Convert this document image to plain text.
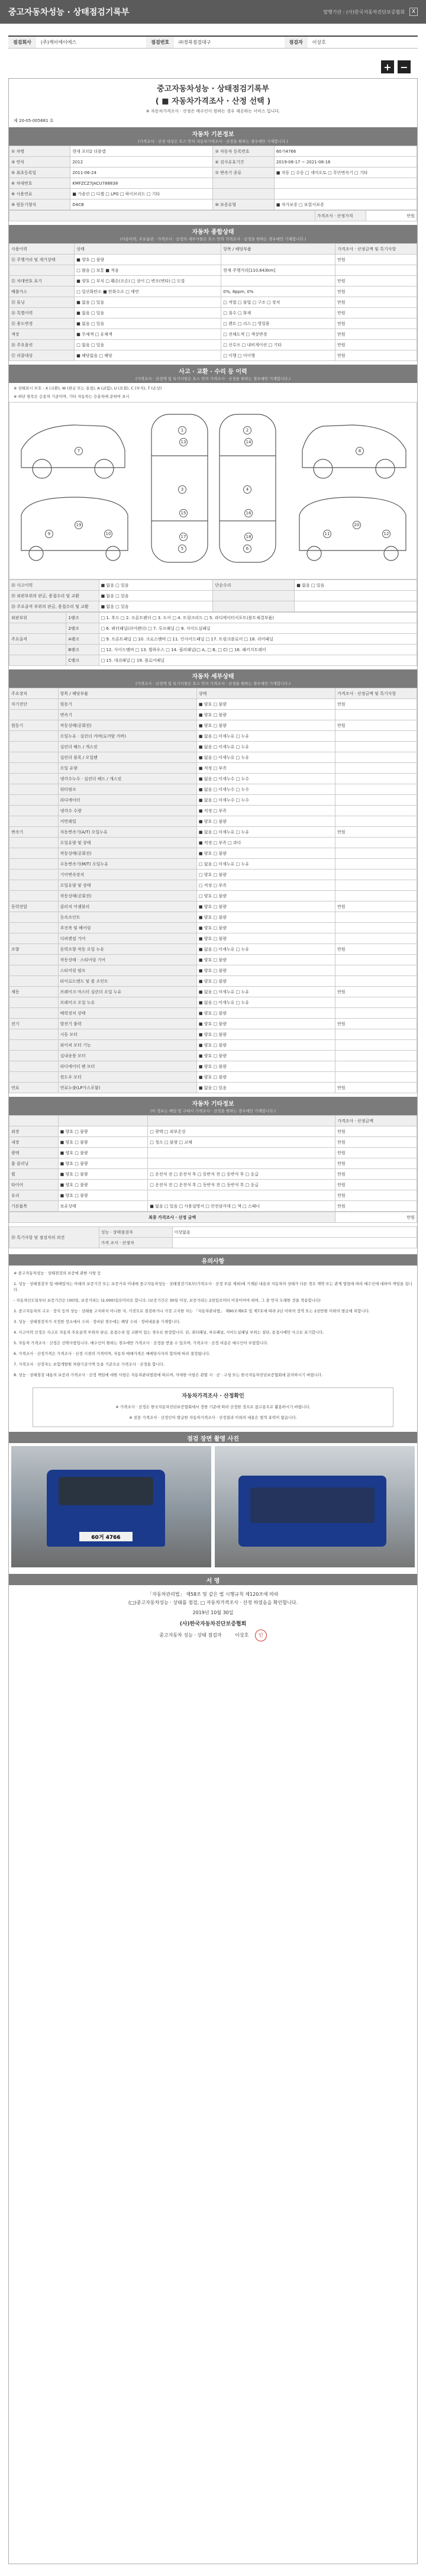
중고자동차성능 · 상태점검기록부	발행기관 : (사)한국자동차진단보증협회	X
점검회사	(주)케이에이에스	점검번호	㈜경북점검대구	점검자	이상호
+ −
중고자동차성능 · 상태점검기록부
( ■ 자동차가격조사 · 산정 선택 )
※ 자동차가격조사 · 산정은 매수인이 원하는 경우 제공하는 서비스 입니다.
제 20-05-005681 호
자동차 기본정보
(가격조사 · 산정 대상은 호스 안의 자동차가격조사 · 산정을 원하는 경우에만 기재합니다.)
① 차명	현대 포터2 더블캡	② 자동차 등록번호	60거4766
③ 연식	2012	④ 검사유효기간	2019-08-17 ~ 2021-08-16
⑤ 최초등록일	2011-06-24	⑦ 변속기 종류	■ 자동 □ 수동 □ 세미오토 □ 무단변속기 □ 기타
⑥ 차대번호	KMFZCZ7JACU788838		
⑧ 사용연료	■ 가솔린 □ 디젤 □ LPG □ 하이브리드 □ 기타		
⑨ 원동기형식	D4CB	⑩ 보증유형	■ 자가보증 □ 보험사보증
	가격조사 · 산정가격	만원
자동차 종합상태
(사용이력, 주요옵션 · 가격조사 · 산정의 세부사항은 호스 안의 가격조사 · 산정을 원하는 경우에만 기재합니다.)
사용이력	상태	항목 / 해당부품	가격조사 · 산정금액 및 특기사항
⑪ 주행거리 및 계기상태	■ 양호 □ 불량		만원
	□ 많음 □ 보통 ■ 적음	현재 주행거리[110,643km]	
⑫ 차대번호 표기	■ 양호 □ 부식 □ 훼손(오손) □ 상이 □ 변조(변타) □ 도말		만원
배출가스	□ 일산화탄소 ■ 탄화수소 □ 매연	0%, 8ppm, 0%	만원
⑬ 튜닝	■ 없음 □ 있음	□ 적법 □ 불법 □ 구조 □ 장치	만원
⑭ 특별이력	■ 없음 □ 있음	□ 침수 □ 화재	만원
⑮ 용도변경	■ 없음 □ 있음	□ 렌트 □ 리스 □ 영업용	만원
색상	■ 무채색 □ 유채색	□ 전체도색 □ 색상변경	만원
⑯ 주요옵션	□ 없음 □ 있음	□ 선루프 □ 내비게이션 □ 기타	만원
⑰ 리콜대상	■ 해당없음 □ 해당	□ 이행 □ 미이행	만원
사고 · 교환 · 수리 등 이력
(가격조사 · 산정액 및 특기사항은 호스 안의 가격조사 · 산정을 원하는 경우에만 기재합니다.)
※ 상태표시 부호 : X (교환), W (판금 또는 용접), A (긁힘), U (요철), C (부식), T (손상)
※ 하단 항목은 승용차 기준이며, 기타 자동차는 승용차에 준하여 표시
1	2
3	4
5	6
7	8
9	10	11	12
13	14
15	16
17	18
19	20
⑱ 사고이력	■ 없음 □ 있음	단순수리	■ 없음 □ 있음
⑲ 외판부위의 판금, 용접수리 및 교환	■ 없음 □ 있음		
⑳ 주요골격 부위의 판금, 용접수리 및 교환	■ 없음 □ 있음		
외판부위	1랭크	□ 1. 후드 □ 2. 프론트펜더 □ 3. 도어 □ 4. 트렁크리드 □ 5. 라디에이터서포트(볼트체결부품)
	2랭크	□ 6. 쿼터패널(리어펜더) □ 7. 루프패널 □ 8. 사이드실패널
주요골격	A랭크	□ 9. 프론트패널 □ 10. 크로스멤버 □ 11. 인사이드패널 □ 17. 트렁크플로어 □ 18. 리어패널
	B랭크	□ 12. 사이드멤버 □ 13. 휠하우스 □ 14. 필러패널(□ A, □ B, □ C) □ 16. 패키지트레이
	C랭크	□ 15. 대쉬패널 □ 19. 플로어패널
자동차 세부상태
(가격조사 · 산정액 및 특기사항은 호스 안의 가격조사 · 산정을 원하는 경우에만 기재합니다.)
주요장치	항목 / 해당부품	상태	가격조사 · 산정금액 및 특기사항
자기진단	원동기	■ 양호 □ 불량	만원
	변속기	■ 양호 □ 불량	
원동기	작동상태(공회전)	■ 양호 □ 불량	만원
	오일누유 · 실린더 커버(로커암 커버)	■ 없음 □ 미세누유 □ 누유	
	실린더 헤드 / 개스킷	■ 없음 □ 미세누유 □ 누유	
	실린더 블록 / 오일팬	■ 없음 □ 미세누유 □ 누유	
	오일 유량	■ 적정 □ 부족	
	냉각수누수 · 실린더 헤드 / 개스킷	■ 없음 □ 미세누수 □ 누수	
	워터펌프	■ 없음 □ 미세누수 □ 누수	
	라디에이터	■ 없음 □ 미세누수 □ 누수	
	냉각수 수량	■ 적정 □ 부족	
	커먼레일	■ 양호 □ 불량	
변속기	자동변속기(A/T) 오일누유	■ 없음 □ 미세누유 □ 누유	만원
	오일유량 및 상태	■ 적정 □ 부족 □ 과다	
	작동상태(공회전)	■ 양호 □ 불량	
	수동변속기(M/T) 오일누유	□ 없음 □ 미세누유 □ 누유	
	기어변속장치	□ 양호 □ 불량	
	오일유량 및 상태	□ 적정 □ 부족	
	작동상태(공회전)	□ 양호 □ 불량	
동력전달	클러치 어셈블리	■ 양호 □ 불량	만원
	등속조인트	■ 양호 □ 불량	
	추진축 및 베어링	■ 양호 □ 불량	
	디퍼렌셜 기어	■ 양호 □ 불량	
조향	동력조향 작동 오일 누유	■ 없음 □ 미세누유 □ 누유	만원
	작동상태 · 스티어링 기어	■ 양호 □ 불량	
	스티어링 펌프	■ 양호 □ 불량	
	타이로드엔드 및 볼 조인트	■ 양호 □ 불량	
제동	브레이크 마스터 실린더 오일 누유	■ 없음 □ 미세누유 □ 누유	만원
	브레이크 오일 누유	■ 없음 □ 미세누유 □ 누유	
	배력장치 상태	■ 양호 □ 불량	
전기	발전기 출력	■ 양호 □ 불량	만원
	시동 모터	■ 양호 □ 불량	
	와이퍼 모터 기능	■ 양호 □ 불량	
	실내송풍 모터	■ 양호 □ 불량	
	라디에이터 팬 모터	■ 양호 □ 불량	
	윈도우 모터	■ 양호 □ 불량	
연료	연료누출(LP가스포함)	■ 없음 □ 있음	만원
자동차 기타정보
(이 정보는 매입 및 구매시 가격조사 · 산정을 원하는 경우에만 기재합니다.)
			가격조사 · 산정금액
외장	■ 양호 □ 불량	□ 광택 □ 외부손상	만원
내장	■ 양호 □ 불량	□ 청소 □ 불량 □ 교체	만원
광택	■ 양호 □ 불량		만원
룸 클리닝	■ 양호 □ 불량		만원
휠	■ 양호 □ 불량	□ 운전석 전 □ 운전석 후 □ 동반석 전 □ 동반석 후 □ 응급	만원
타이어	■ 양호 □ 불량	□ 운전석 전 □ 운전석 후 □ 동반석 전 □ 동반석 후 □ 응급	만원
유리	■ 양호 □ 불량		만원
기본품목	보유상태	■ 없음 □ 있음 □ 사용설명서 □ 안전삼각대 □ 잭 □ 스패너	만원
최종 가격조사 · 산정 금액	만원
⑲ 특기사항 및 점검자의 의견	성능 · 상태점검자	이상없음
	가격 조사 · 산정자	
유의사항
※ 중고자동차성능 · 상태점검의 보증에 관한 사항 등
1. 성능 · 상태점검자 및 매매업자는 아래의 보증기간 또는 보증거리 이내에 중고자동차성능 · 상태점검기록부(가격조사 · 산정 부분 제외)에 기재된 내용과 자동차의 상태가 다른 경우 계약 또는 관계 법령에 따라 매수인에 대하여 책임을 집니다.
- 자동차인도일부터 보증기간은 (30)일, 보증거리는 (2,000)킬로미터로 합니다. (보증기간은 30일 이상, 보증거리는 2천킬로미터 이상이어야 하며, 그 중 먼저 도래한 것을 적용합니다)
2. 중고자동차의 구조 · 장치 등의 성능 · 상태를 고지하지 아니한 자, 거짓으로 점검하거나 거짓 고지한 자는 「자동차관리법」 제80조제6호 및 제7호에 따라 2년 이하의 징역 또는 2천만원 이하의 벌금에 처합니다.
3. 성능 · 상태점검자가 지정한 장소에서 수리 · 정비된 경우에는 해당 수리 · 정비내용을 기재합니다.
4. 사고이력 인정은 사고로 자동차 주요골격 부위의 판금, 용접수리 및 교환이 있는 경우로 한정합니다. 단, 쿼터패널, 루프패널, 사이드실패널 부위는 절단, 용접시에만 사고로 표기합니다.
5. 자동차 가격조사 · 산정은 선택사항입니다. 매수인이 원하는 경우에만 가격조사 · 산정을 받을 수 있으며, 가격조사 · 산정 비용은 매수인이 부담합니다.
6. 가격조사 · 산정가격은 가격조사 · 산정 시점의 가격이며, 자동차 매매가격은 매매당사자의 합의에 따라 결정됩니다.
7. 가격조사 · 산정자는 보험개발원 차량기준가액 등을 기준으로 가격조사 · 산정을 합니다.
8. 성능 · 상태점검 내용의 보증과 가격조사 · 산정 책임에 대한 사항은 자동차관리법령에 따르며, 자세한 사항은 관할 시 · 군 · 구청 또는 한국자동차진단보증협회에 문의하시기 바랍니다.
자동차가격조사 · 산정확인
※ 가격조사 · 산정은 한국자동차진단보증협회에서 정한 기준에 따라 산정한 것으로 참고용으로 활용하시기 바랍니다.
※ 전문 가격조사 · 산정인이 발급한 자동차가격조사 · 산정결과 이외의 내용은 법적 효력이 없습니다.
점검 장면 촬영 사진
60거 4766
서 명
「자동차관리법」 제58조 및 같은 법 시행규칙 제120조에 따라
(□)중고자동차성능 · 상태를 점검, □ 자동차가격조사 · 산정 하였음을 확인합니다.
2019년 10월 30일
(사)한국자동차진단보증협회
중고자동차 성능 · 상태 점검자	이상호 인
